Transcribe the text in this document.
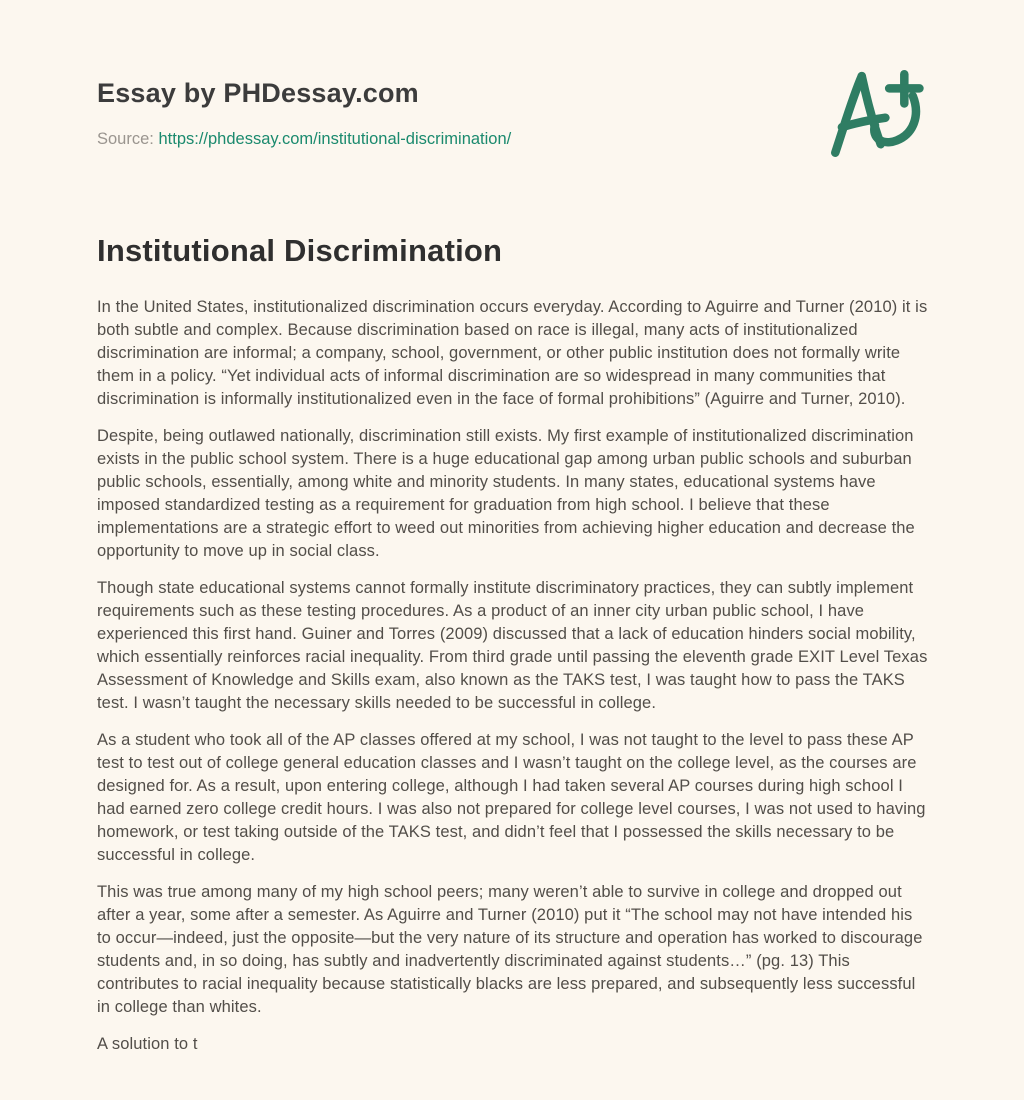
Essay by PHDessay.com

Source: https://phdessay.com/institutional-discrimination/

Institutional Discrimination

In the United States, institutionalized discrimination occurs everyday. According to Aguirre and Turner (2010) it is both subtle and complex. Because discrimination based on race is illegal, many acts of institutionalized discrimination are informal; a company, school, government, or other public institution does not formally write them in a policy. “Yet individual acts of informal discrimination are so widespread in many communities that discrimination is informally institutionalized even in the face of formal prohibitions” (Aguirre and Turner, 2010).

Despite, being outlawed nationally, discrimination still exists. My first example of institutionalized discrimination exists in the public school system. There is a huge educational gap among urban public schools and suburban public schools, essentially, among white and minority students. In many states, educational systems have imposed standardized testing as a requirement for graduation from high school. I believe that these implementations are a strategic effort to weed out minorities from achieving higher education and decrease the opportunity to move up in social class.

Though state educational systems cannot formally institute discriminatory practices, they can subtly implement requirements such as these testing procedures. As a product of an inner city urban public school, I have experienced this first hand. Guiner and Torres (2009) discussed that a lack of education hinders social mobility, which essentially reinforces racial inequality. From third grade until passing the eleventh grade EXIT Level Texas Assessment of Knowledge and Skills exam, also known as the TAKS test, I was taught how to pass the TAKS test. I wasn’t taught the necessary skills needed to be successful in college.

As a student who took all of the AP classes offered at my school, I was not taught to the level to pass these AP test to test out of college general education classes and I wasn’t taught on the college level, as the courses are designed for. As a result, upon entering college, although I had taken several AP courses during high school I had earned zero college credit hours. I was also not prepared for college level courses, I was not used to having homework, or test taking outside of the TAKS test, and didn’t feel that I possessed the skills necessary to be successful in college.

This was true among many of my high school peers; many weren’t able to survive in college and dropped out after a year, some after a semester. As Aguirre and Turner (2010) put it “The school may not have intended his to occur—indeed, just the opposite—but the very nature of its structure and operation has worked to discourage students and, in so doing, has subtly and inadvertently discriminated against students…” (pg. 13) This contributes to racial inequality because statistically blacks are less prepared, and subsequently less successful in college than whites.

A solution to t
